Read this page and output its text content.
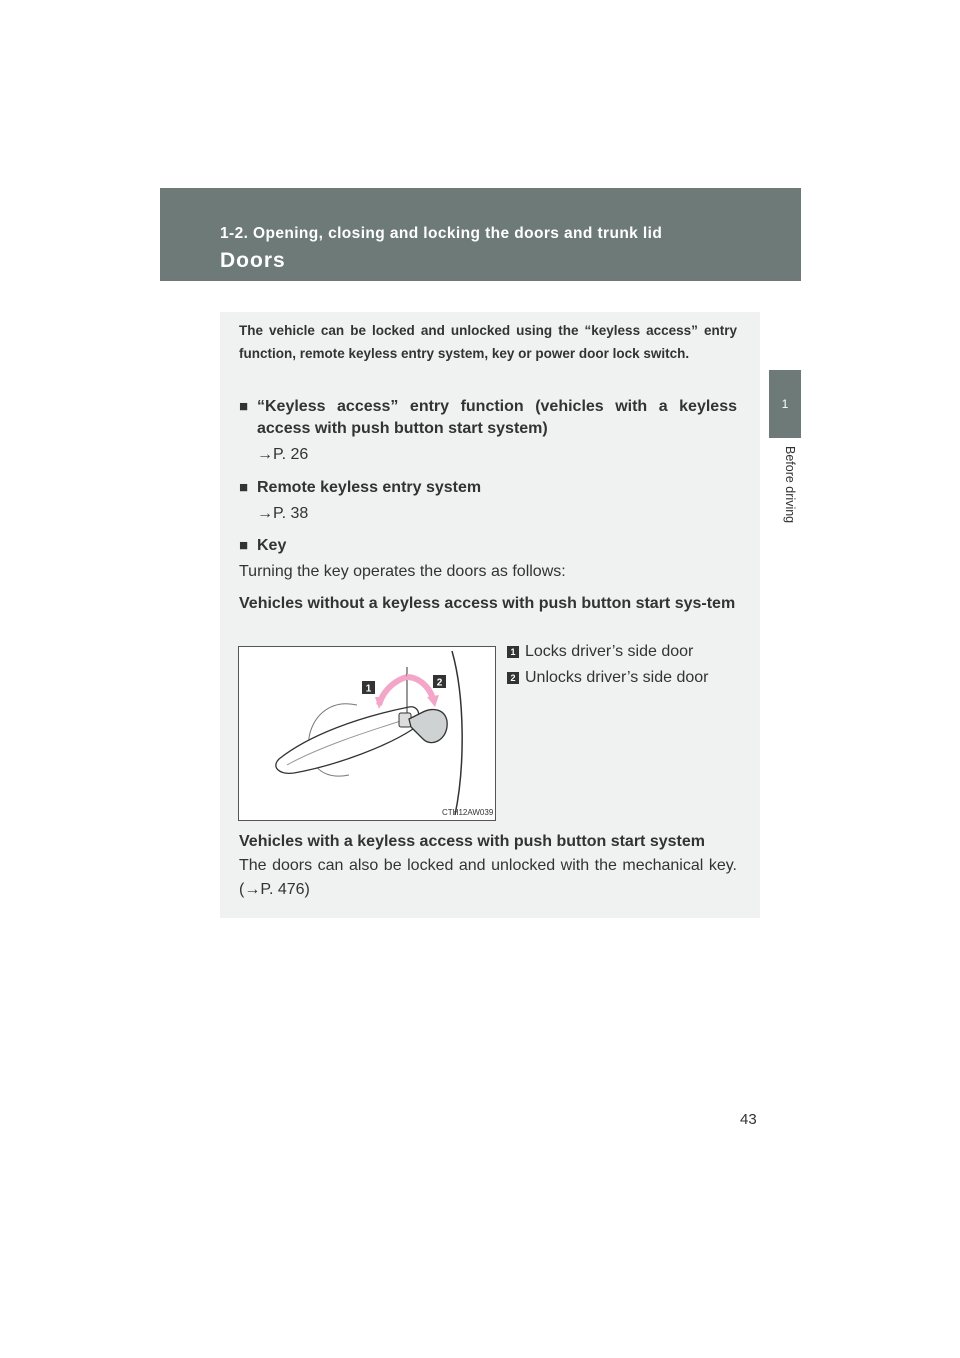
1-2. Opening, closing and locking the doors and trunk lid
Doors
1
Before driving
The vehicle can be locked and unlocked using the “keyless access” entry function, remote keyless entry system, key or power door lock switch.
■ “Keyless access” entry function (vehicles with a keyless access with push button start system)
→P. 26
■ Remote keyless entry system
→P. 38
■ Key
Turning the key operates the doors as follows:
Vehicles without a keyless access with push button start sys-tem
1
2
CTH12AW039
1 Locks driver’s side door
2 Unlocks driver’s side door
Vehicles with a keyless access with push button start system
The doors can also be locked and unlocked with the mechanical key. (→P. 476)
43
